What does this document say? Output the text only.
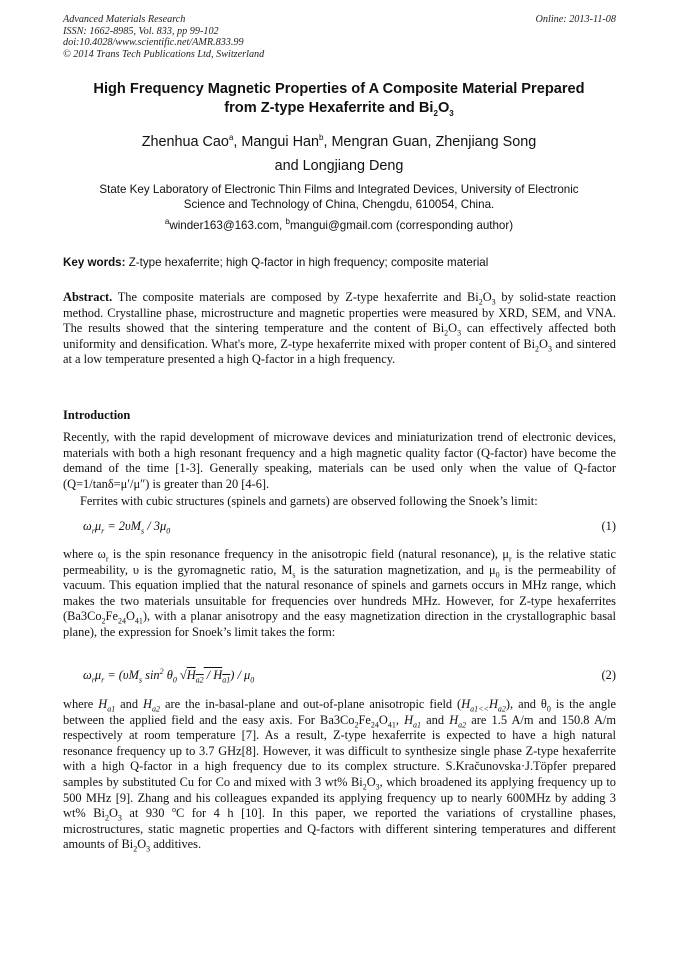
Advanced Materials Research
ISSN: 1662-8985, Vol. 833, pp 99-102
doi:10.4028/www.scientific.net/AMR.833.99
© 2014 Trans Tech Publications Ltd, Switzerland
Online: 2013-11-08
High Frequency Magnetic Properties of A Composite Material Prepared
from Z-type Hexaferrite and $Bi_2O_3$
Zhenhua Cao$^a$, Mangui Han$^b$, Mengran Guan, Zhenjiang Song
and Longjiang Deng
State Key Laboratory of Electronic Thin Films and Integrated Devices, University of Electronic
Science and Technology of China, Chengdu, 610054, China.
$^a$winder163@163.com, $^b$mangui@gmail.com (corresponding author)
Key words: Z-type hexaferrite; high Q-factor in high frequency; composite material
Abstract. The composite materials are composed by Z-type hexaferrite and $Bi_2O_3$ by solid-state reaction method. Crystalline phase, microstructure and magnetic properties were measured by XRD, SEM, and VNA. The results showed that the sintering temperature and the content of $Bi_2O_3$ can effectively affected both uniformity and densification. What's more, Z-type hexaferrite mixed with proper content of $Bi_2O_3$ and sintered at a low temperature presented a high Q-factor in a high frequency.
Introduction
Recently, with the rapid development of microwave devices and miniaturization trend of electronic devices, materials with both a high resonant frequency and a high magnetic quality factor (Q-factor) have become the demand of the time [1-3]. Generally speaking, materials can be used only when the value of Q-factor (Q=1/tanδ=μ′/μ″) is greater than 20 [4-6].
Ferrites with cubic structures (spinels and garnets) are observed following the Snoek’s limit:
$\omega_r\mu_r = 2\upsilon M_s / 3\mu_0$	(1)
where $\omega_r$ is the spin resonance frequency in the anisotropic field (natural resonance), $\mu_r$ is the relative static permeability, υ is the gyromagnetic ratio, $M_s$ is the saturation magnetization, and $\mu_0$ is the permeability of vacuum. This equation implied that the natural resonance of spinels and garnets occurs in MHz range, which makes the two materials unsuitable for frequencies over hundreds MHz. However, for Z-type hexaferrites $(Ba3Co_2Fe_{24}O_{41})$, with a planar anisotropy and the easy magnetization direction in the crystallographic basal plane), the expression for Snoek’s limit takes the form:
$\omega_r\mu_r = (\upsilon M_s$ $\sin^2 \theta_0$ $√H_{a2} / H_{a1}) / \mu_0$	(2)
where $H_{a1}$ and $H_{a2}$ are the in-basal-plane and out-of-plane anisotropic field $(H_{a1<<}H_{a2})$, and $\theta_0$ is the angle between the applied field and the easy axis. For $Ba3Co_2Fe_{24}O_{41}$, $H_{a1}$ and $H_{a2}$ are 1.5 A/m and 150.8 A/m respectively at room temperature [7]. As a result, Z-type hexaferrite is expected to have a high natural resonance frequency up to 3.7 GHz[8]. However, it was difficult to synthesize single phase Z-type hexaferrite with a high Q-factor in a high frequency due to its complex structure. S.Kračunovska·J.Töpfer prepared samples by substituted Cu for Co and mixed with 3 wt% $Bi_2O_3$, which broadened its applying frequency up to 500 MHz [9]. Zhang and his colleagues expanded its applying frequency up to nearly 600MHz by adding 3 wt% $Bi_2O_3$ at 930 $^o$C for 4 h [10]. In this paper, we reported the variations of crystalline phases, microstructures, static magnetic properties and Q-factors with different sintering temperatures and different amounts of $Bi_2O_3$ additives.
